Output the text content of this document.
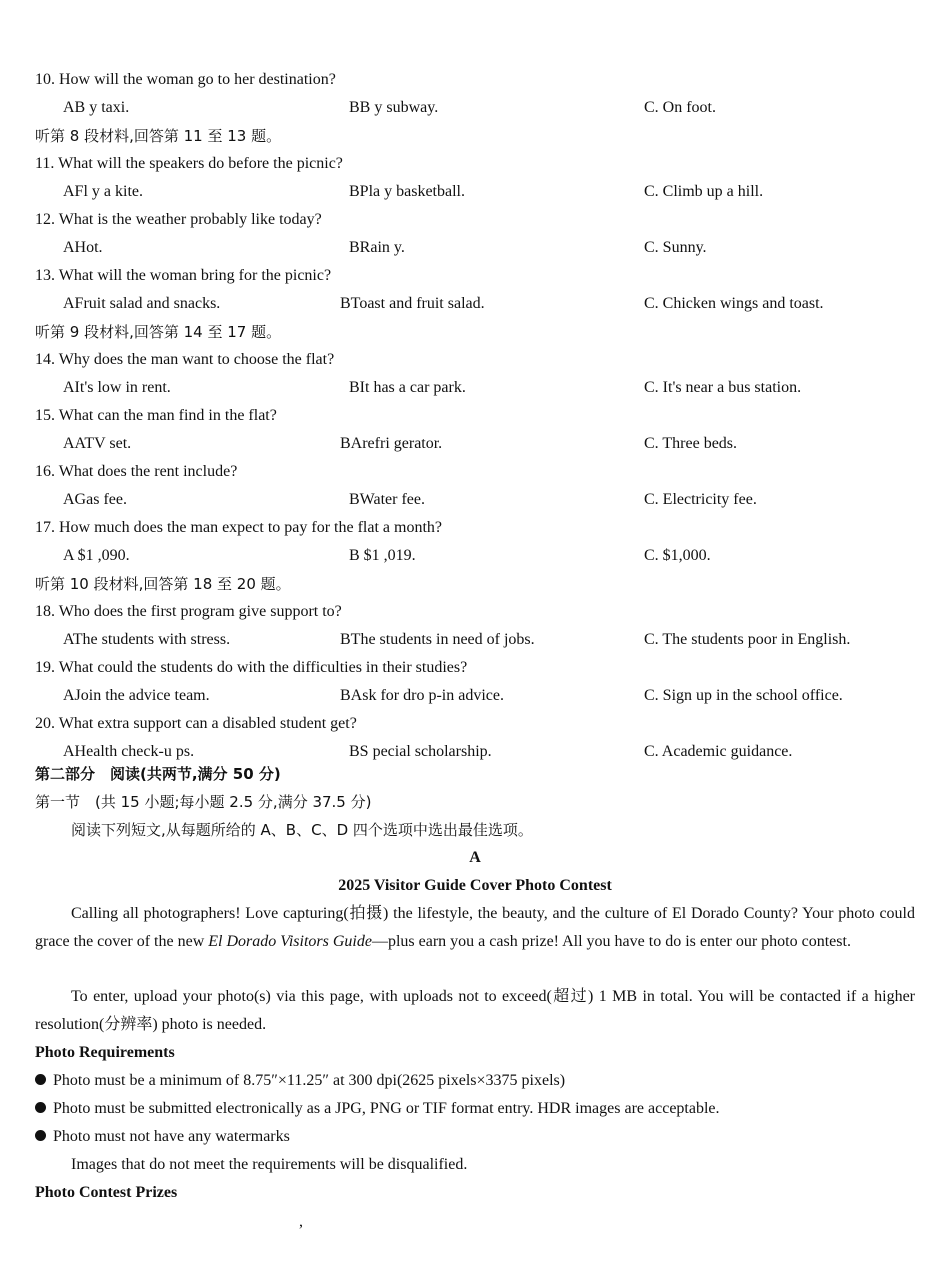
10. How will the woman go to her destination?
AB y taxi.	BB y subway.	C. On foot.
听第 8 段材料,回答第 11 至 13 题。
11. What will the speakers do before the picnic?
AFl y a kite.	BPla y basketball.	C. Climb up a hill.
12. What is the weather probably like today?
AHot.	BRain y.	C. Sunny.
13. What will the woman bring for the picnic?
AFruit salad and snacks.	BToast and fruit salad.	C. Chicken wings and toast.
听第 9 段材料,回答第 14 至 17 题。
14. Why does the man want to choose the flat?
AIt's low in rent.	BIt has a car park.	C. It's near a bus station.
15. What can the man find in the flat?
AATV set.	BArefri gerator.	C. Three beds.
16. What does the rent include?
AGas fee.	BWater fee.	C. Electricity fee.
17. How much does the man expect to pay for the flat a month?
A $1 ,090.	B $1 ,019.	C. $1,000.
听第 10 段材料,回答第 18 至 20 题。
18. Who does the first program give support to?
AThe students with stress.	BThe students in need of jobs.	C. The students poor in English.
19. What could the students do with the difficulties in their studies?
AJoin the advice team.	BAsk for dro p-in advice.	C. Sign up in the school office.
20. What extra support can a disabled student get?
AHealth check-u ps.	BS pecial scholarship.	C. Academic guidance.
第二部分　阅读(共两节,满分 50 分)
第一节　(共 15 小题;每小题 2.5 分,满分 37.5 分)
阅读下列短文,从每题所给的 A、B、C、D 四个选项中选出最佳选项。
A
2025 Visitor Guide Cover Photo Contest
Calling all photographers! Love capturing(拍摄) the lifestyle, the beauty, and the culture of El Dorado County? Your photo could grace the cover of the new El Dorado Visitors Guide—plus earn you a cash prize! All you have to do is enter our photo contest.
To enter, upload your photo(s) via this page, with uploads not to exceed(超过) 1 MB in total. You will be contacted if a higher resolution(分辨率) photo is needed.
Photo Requirements
Photo must be a minimum of 8.75″×11.25″ at 300 dpi(2625 pixels×3375 pixels)
Photo must be submitted electronically as a JPG, PNG or TIF format entry. HDR images are acceptable.
Photo must not have any watermarks
Images that do not meet the requirements will be disqualified.
Photo Contest Prizes
,
